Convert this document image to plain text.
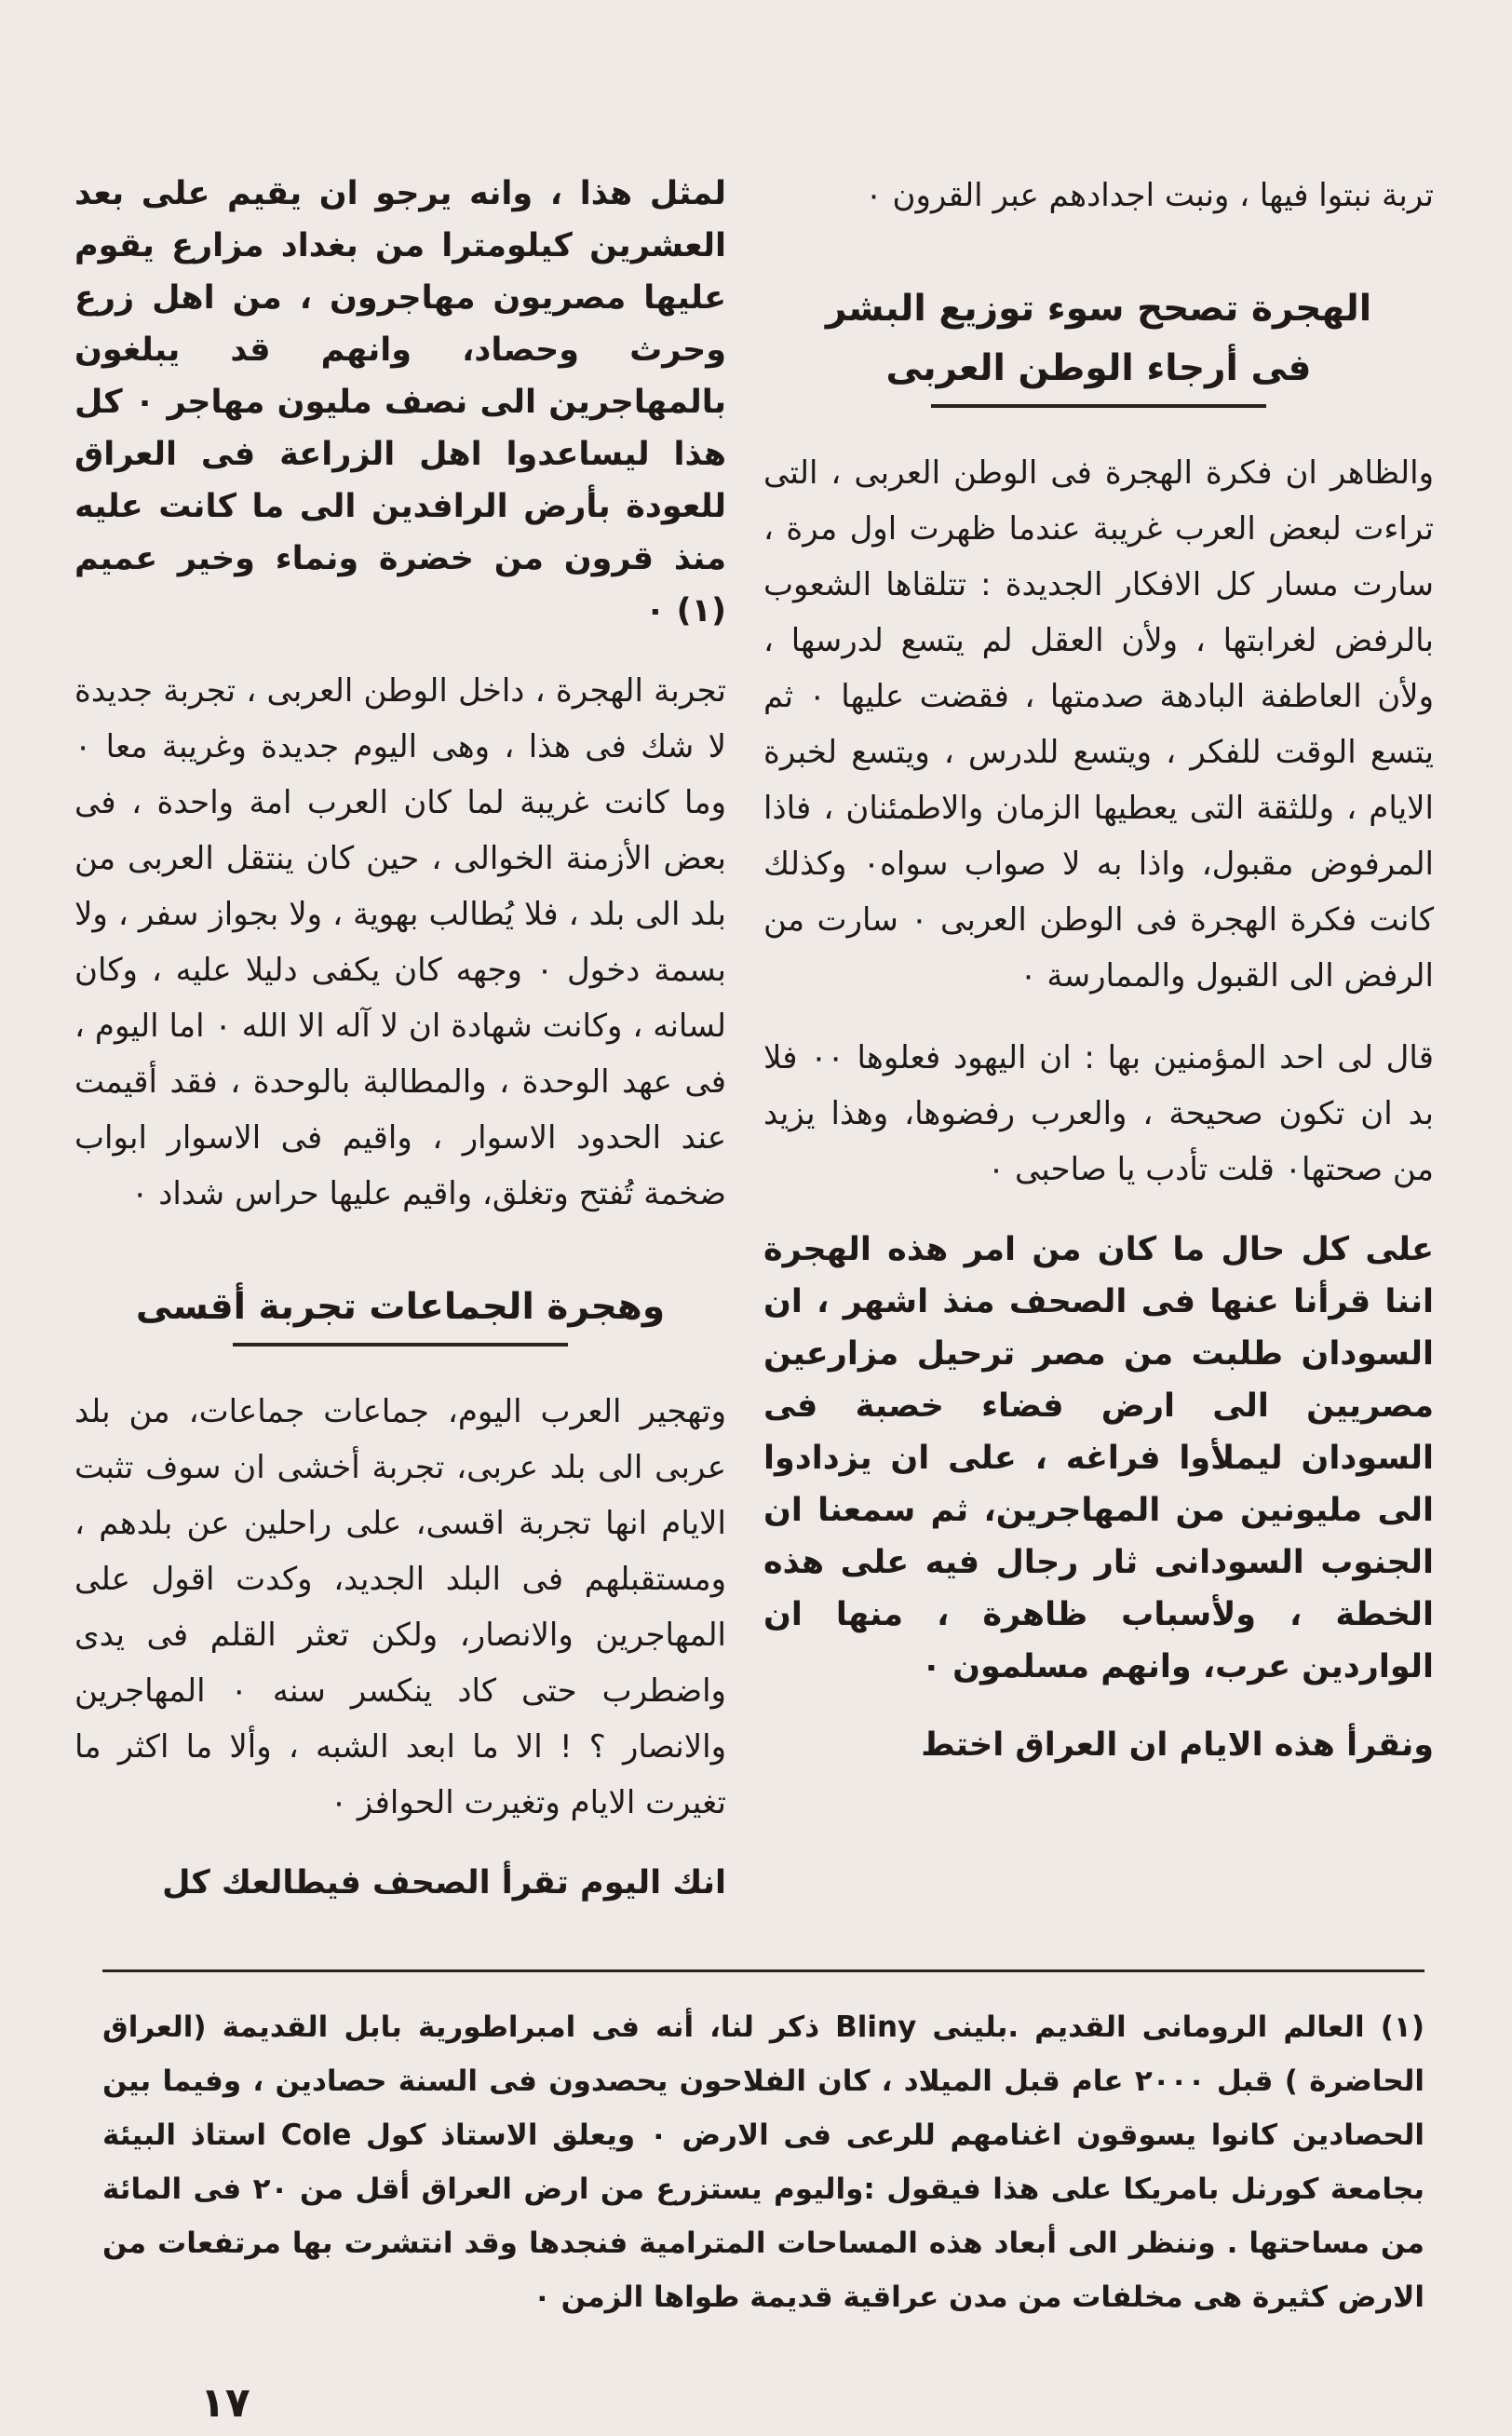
تربة نبتوا فيها ، ونبت اجدادهم عبر القرون ٠

الهجرة تصحح سوء توزيع البشر
فى أرجاء الوطن العربى

والظاهر ان فكرة الهجرة فى الوطن العربى ، التى تراءت لبعض العرب غريبة عندما ظهرت اول مرة ، سارت مسار كل الافكار الجديدة : تتلقاها الشعوب بالرفض لغرابتها ، ولأن العقل لم يتسع لدرسها ، ولأن العاطفة البادهة صدمتها ، فقضت عليها ٠ ثم يتسع الوقت للفكر ، ويتسع للدرس ، ويتسع لخبرة الايام ، وللثقة التى يعطيها الزمان والاطمئنان ، فاذا المرفوض مقبول، واذا به لا صواب سواه٠ وكذلك كانت فكرة الهجرة فى الوطن العربى ٠ سارت من الرفض الى القبول والممارسة ٠

قال لى احد المؤمنين بها : ان اليهود فعلوها ٠٠ فلا بد ان تكون صحيحة ، والعرب رفضوها، وهذا يزيد من صحتها٠ قلت تأدب يا صاحبى ٠

على كل حال ما كان من امر هذه الهجرة اننا قرأنا عنها فى الصحف منذ اشهر ، ان السودان طلبت من مصر ترحيل مزارعين مصريين الى ارض فضاء خصبة فى السودان ليملأوا فراغه ، على ان يزدادوا الى مليونين من المهاجرين، ثم سمعنا ان الجنوب السودانى ثار رجال فيه على هذه الخطة ، ولأسباب ظاهرة ، منها ان الواردين عرب، وانهم مسلمون ٠

ونقرأ هذه الايام ان العراق اختط

لمثل هذا ، وانه يرجو ان يقيم على بعد العشرين كيلومترا من بغداد مزارع يقوم عليها مصريون مهاجرون ، من اهل زرع وحرث وحصاد، وانهم قد يبلغون بالمهاجرين الى نصف مليون مهاجر ٠ كل هذا ليساعدوا اهل الزراعة فى العراق للعودة بأرض الرافدين الى ما كانت عليه منذ قرون من خضرة ونماء وخير عميم (١) ٠

تجربة الهجرة ، داخل الوطن العربى ، تجربة جديدة لا شك فى هذا ، وهى اليوم جديدة وغريبة معا ٠ وما كانت غريبة لما كان العرب امة واحدة ، فى بعض الأزمنة الخوالى ، حين كان ينتقل العربى من بلد الى بلد ، فلا يُطالب بهوية ، ولا بجواز سفر ، ولا بسمة دخول ٠ وجهه كان يكفى دليلا عليه ، وكان لسانه ، وكانت شهادة ان لا آله الا الله ٠ اما اليوم ، فى عهد الوحدة ، والمطالبة بالوحدة ، فقد أقيمت عند الحدود الاسوار ، واقيم فى الاسوار ابواب ضخمة تُفتح وتغلق، واقيم عليها حراس شداد ٠

وهجرة الجماعات تجربة أقسى

وتهجير العرب اليوم، جماعات جماعات، من بلد عربى الى بلد عربى، تجربة أخشى ان سوف تثبت الايام انها تجربة اقسى، على راحلين عن بلدهم ، ومستقبلهم فى البلد الجديد، وكدت اقول على المهاجرين والانصار، ولكن تعثر القلم فى يدى واضطرب حتى كاد ينكسر سنه ٠ المهاجرين والانصار ؟ ! الا ما ابعد الشبه ، وألا ما اكثر ما تغيرت الايام وتغيرت الحوافز ٠

انك اليوم تقرأ الصحف فيطالعك كل

(١) العالم الرومانى القديم .بلينى Bliny ذكر لنا، أنه فى امبراطورية بابل القديمة (العراق الحاضرة ) قبل ٢٠٠٠ عام قبل الميلاد ، كان الفلاحون يحصدون فى السنة حصادين ، وفيما بين الحصادين كانوا يسوقون اغنامهم للرعى فى الارض ٠ ويعلق الاستاذ كول Cole استاذ البيئة بجامعة كورنل بامريكا على هذا فيقول :واليوم يستزرع من ارض العراق أقل من ٢٠ فى المائة من مساحتها . وننظر الى أبعاد هذه المساحات المترامية فنجدها وقد انتشرت بها مرتفعات من الارض كثيرة هى مخلفات من مدن عراقية قديمة طواها الزمن ٠

١٧
